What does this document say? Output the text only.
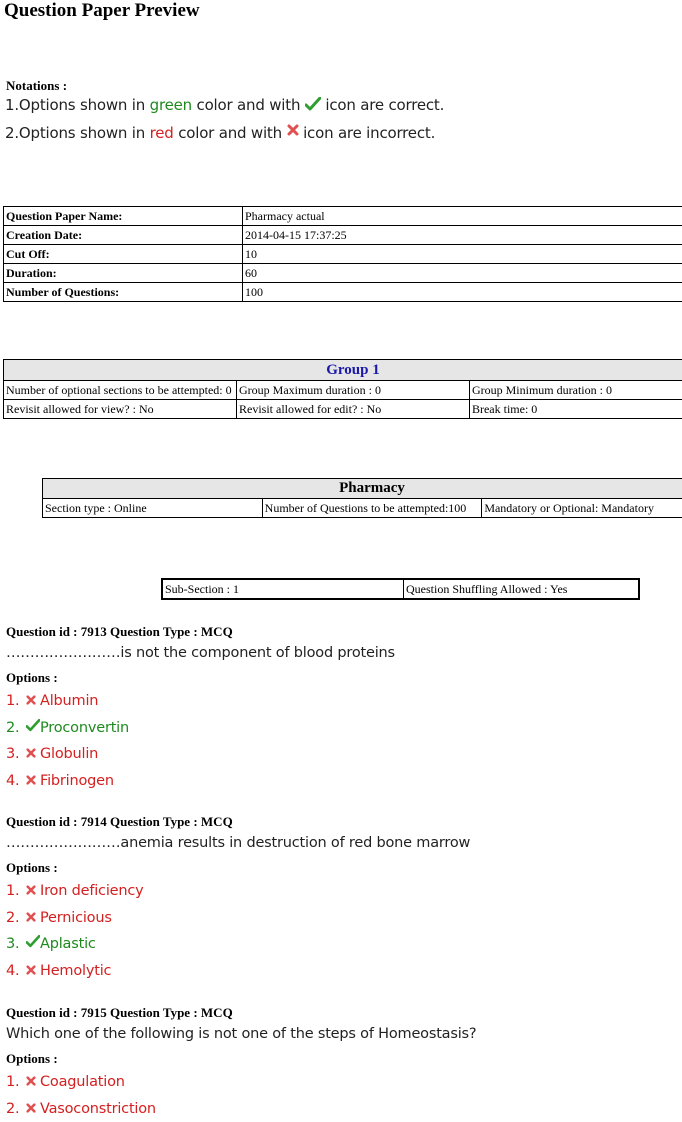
Question Paper Preview
Notations :
1.Options shown in green color and with  icon are correct.
2.Options shown in red color and with  icon are incorrect.
Question Paper Name:	Pharmacy actual
Creation Date:	2014-04-15 17:37:25
Cut Off:	10
Duration:	60
Number of Questions:	100
Group 1		
Number of optional sections to be attempted: 0	Group Maximum duration : 0	Group Minimum duration : 0
Revisit allowed for view? : No	Revisit allowed for edit? : No	Break time: 0
Pharmacy
Section type : Online	Number of Questions to be attempted:100	Mandatory or Optional: Mandatory
Sub-Section : 1	Question Shuffling Allowed : Yes
Question id : 7913 Question Type : MCQ
……………………is not the component of blood proteins
Options :
1. Albumin
2. Proconvertin
3. Globulin
4. Fibrinogen
Question id : 7914 Question Type : MCQ
……………………anemia results in destruction of red bone marrow
Options :
1. Iron deficiency
2. Pernicious
3. Aplastic
4. Hemolytic
Question id : 7915 Question Type : MCQ
Which one of the following is not one of the steps of Homeostasis?
Options :
1. Coagulation
2. Vasoconstriction
